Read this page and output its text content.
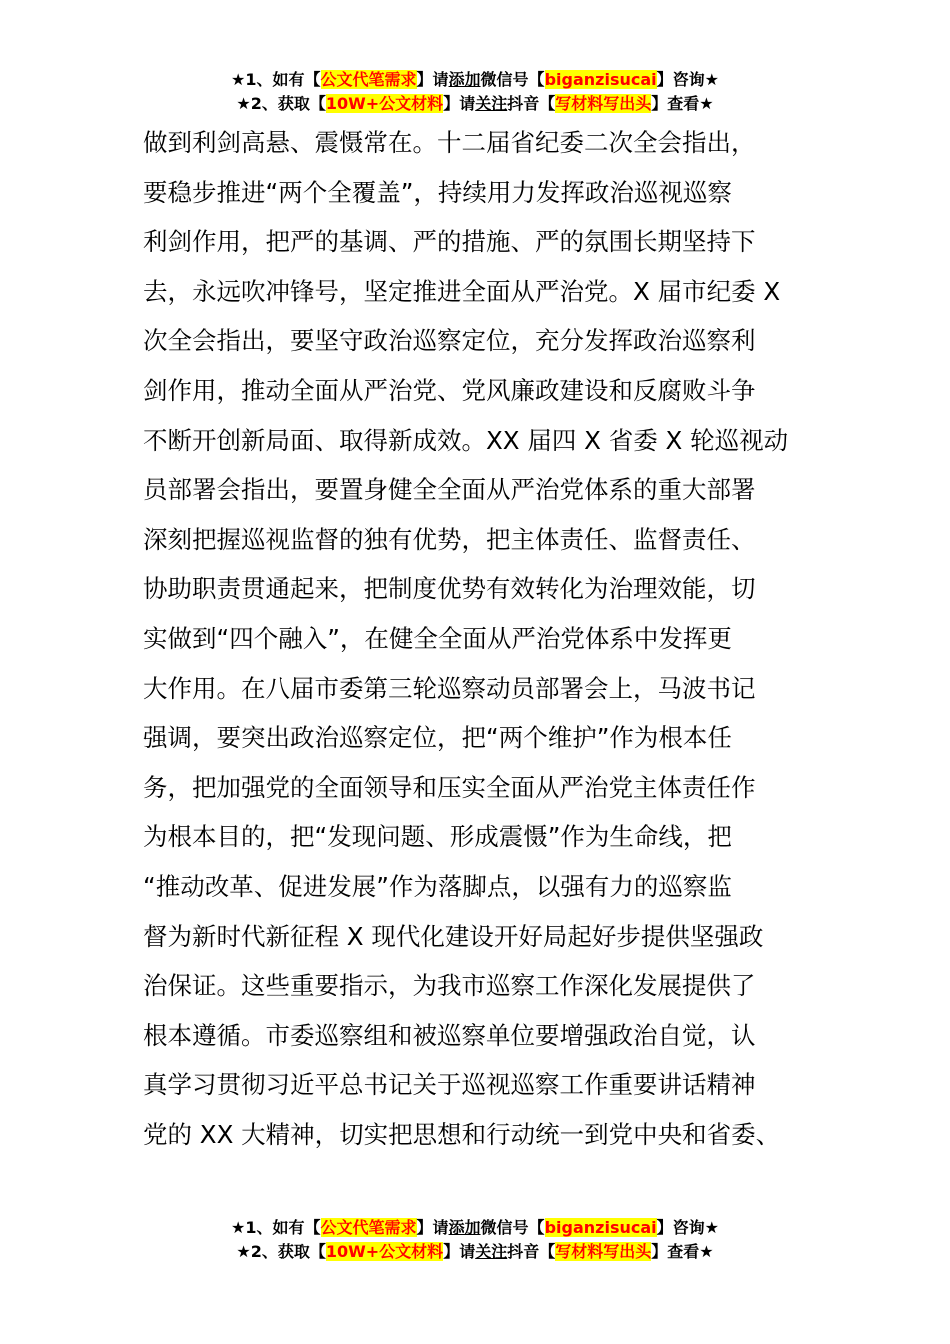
★1、如有【公文代笔需求】请添加微信号【biganzisucai】咨询★
★2、获取【10W+公文材料】请关注抖音【写材料写出头】查看★
做到利剑高悬、震慑常在。十二届省纪委二次全会指出，
要稳步推进“两个全覆盖”，持续用力发挥政治巡视巡察
利剑作用，把严的基调、严的措施、严的氛围长期坚持下
去，永远吹冲锋号，坚定推进全面从严治党。X 届市纪委 X
次全会指出，要坚守政治巡察定位，充分发挥政治巡察利
剑作用，推动全面从严治党、党风廉政建设和反腐败斗争
不断开创新局面、取得新成效。XX 届四 X 省委 X 轮巡视动
员部署会指出，要置身健全全面从严治党体系的重大部署
深刻把握巡视监督的独有优势，把主体责任、监督责任、
协助职责贯通起来，把制度优势有效转化为治理效能，切
实做到“四个融入”，在健全全面从严治党体系中发挥更
大作用。在八届市委第三轮巡察动员部署会上，马波书记
强调，要突出政治巡察定位，把“两个维护”作为根本任
务，把加强党的全面领导和压实全面从严治党主体责任作
为根本目的，把“发现问题、形成震慑”作为生命线，把
“推动改革、促进发展”作为落脚点，以强有力的巡察监
督为新时代新征程 X 现代化建设开好局起好步提供坚强政
治保证。这些重要指示，为我市巡察工作深化发展提供了
根本遵循。市委巡察组和被巡察单位要增强政治自觉，认
真学习贯彻习近平总书记关于巡视巡察工作重要讲话精神
党的 XX 大精神，切实把思想和行动统一到党中央和省委、
★1、如有【公文代笔需求】请添加微信号【biganzisucai】咨询★
★2、获取【10W+公文材料】请关注抖音【写材料写出头】查看★
